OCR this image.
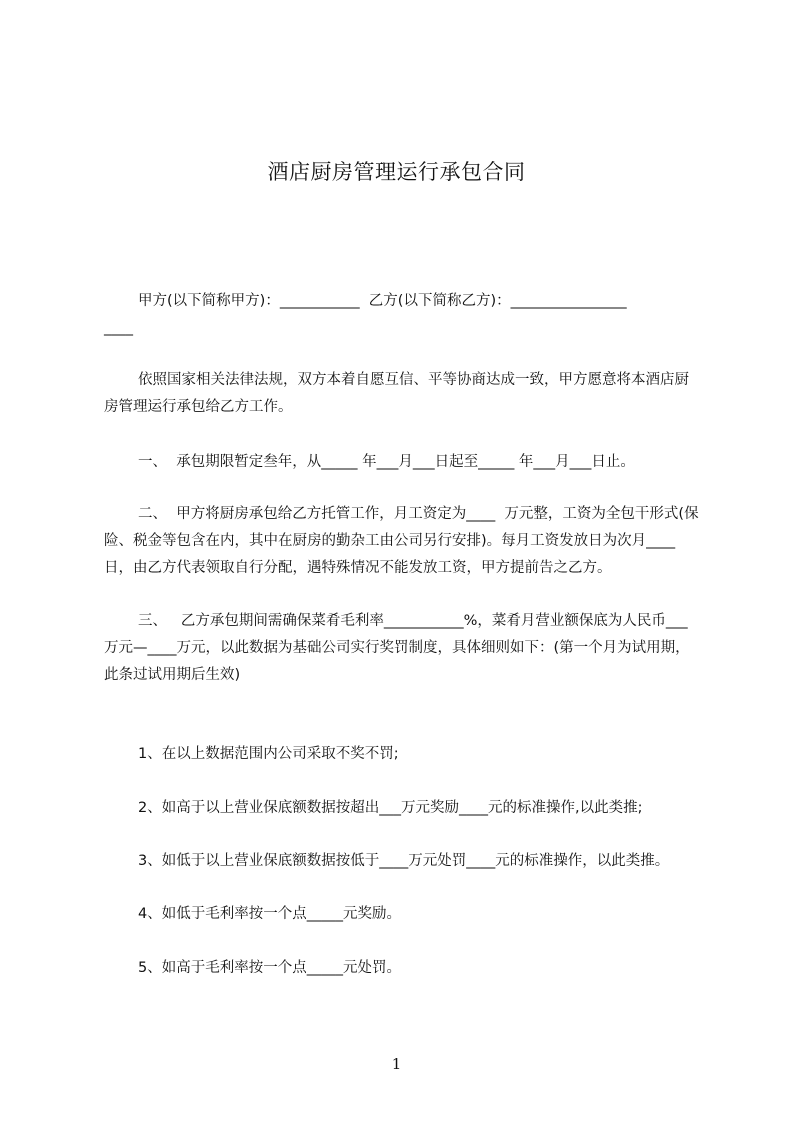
酒店厨房管理运行承包合同

甲方(以下简称甲方)：___________  乙方(以下简称乙方)：________________
____

依照国家相关法律法规，双方本着自愿互信、平等协商达成一致，甲方愿意将本酒店厨房管理运行承包给乙方工作。

一、  承包期限暂定叁年，从_____ 年___月___日起至_____ 年___月___日止。

二、  甲方将厨房承包给乙方托管工作，月工资定为____  万元整，工资为全包干形式(保险、税金等包含在内，其中在厨房的勤杂工由公司另行安排)。每月工资发放日为次月____日，由乙方代表领取自行分配，遇特殊情况不能发放工资，甲方提前告之乙方。

三、   乙方承包期间需确保菜肴毛利率___________%，菜肴月营业额保底为人民币___万元—____万元，以此数据为基础公司实行奖罚制度，具体细则如下：(第一个月为试用期，此条过试用期后生效)

1、在以上数据范围内公司采取不奖不罚;

2、如高于以上营业保底额数据按超出___万元奖励____元的标准操作,以此类推;

3、如低于以上营业保底额数据按低于____万元处罚____元的标准操作，以此类推。

4、如低于毛利率按一个点_____元奖励。

5、如高于毛利率按一个点_____元处罚。

1
